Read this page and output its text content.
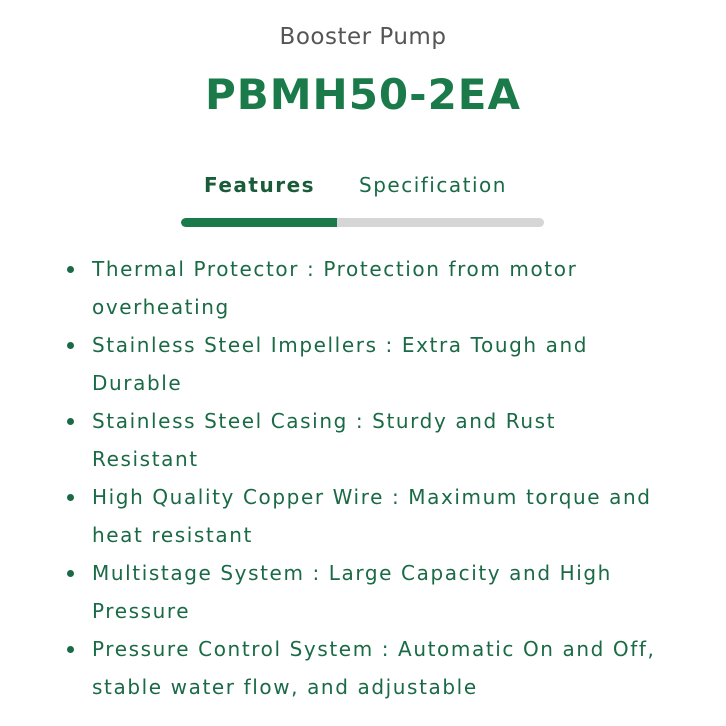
Booster Pump
PBMH50-2EA
Features Specification
Thermal Protector : Protection from motor overheating
Stainless Steel Impellers : Extra Tough and Durable
Stainless Steel Casing : Sturdy and Rust Resistant
High Quality Copper Wire : Maximum torque and heat resistant
Multistage System : Large Capacity and High Pressure
Pressure Control System : Automatic On and Off, stable water flow, and adjustable
